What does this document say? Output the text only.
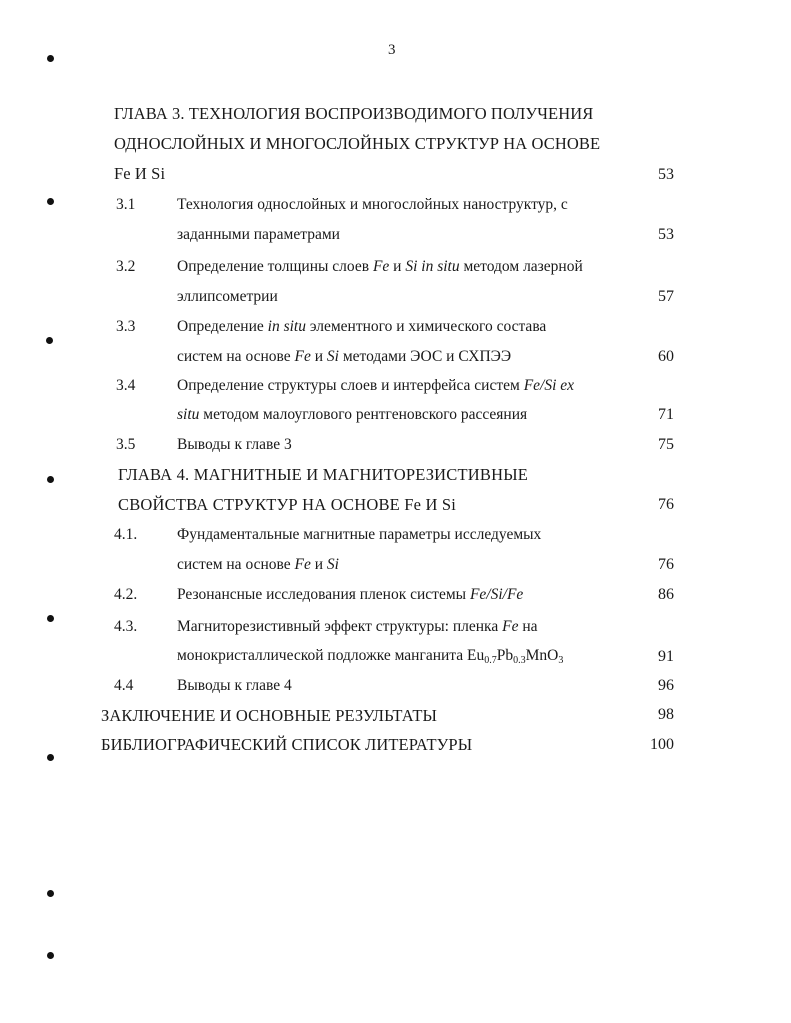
3
ГЛАВА 3. ТЕХНОЛОГИЯ ВОСПРОИЗВОДИМОГО ПОЛУЧЕНИЯ
ОДНОСЛОЙНЫХ И МНОГОСЛОЙНЫХ СТРУКТУР НА ОСНОВЕ
Fe И Si	53
3.1	Технология однослойных и многослойных наноструктур, с
заданными параметрами	53
3.2	Определение толщины слоев Fe и Si in situ методом лазерной
эллипсометрии	57
3.3	Определение in situ элементного и химического состава
систем на основе Fe и Si методами ЭОС и СХПЭЭ	60
3.4	Определение структуры слоев и интерфейса систем Fe/Si ex
situ методом малоуглового рентгеновского рассеяния	71
3.5	Выводы к главе 3	75
ГЛАВА 4. МАГНИТНЫЕ И МАГНИТОРЕЗИСТИВНЫЕ
СВОЙСТВА СТРУКТУР НА ОСНОВЕ Fe И Si	76
4.1.	Фундаментальные магнитные параметры исследуемых
систем на основе Fe и Si	76
4.2.	Резонансные исследования пленок системы Fe/Si/Fe	86
4.3.	Магниторезистивный эффект структуры: пленка Fe на
монокристаллической подложке манганита $Eu_{0.7}Pb_{0.3}MnO_3$	91
4.4	Выводы к главе 4	96
ЗАКЛЮЧЕНИЕ И ОСНОВНЫЕ РЕЗУЛЬТАТЫ	98
БИБЛИОГРАФИЧЕСКИЙ СПИСОК ЛИТЕРАТУРЫ	100
